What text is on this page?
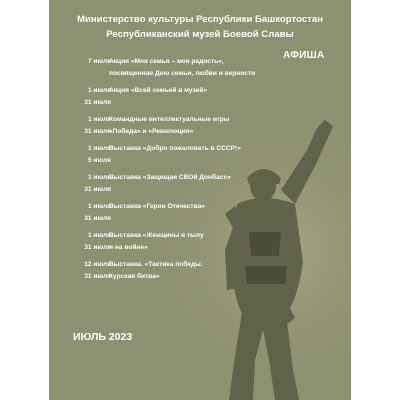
Министерство культуры Республики Башкортостан
Республиканский музей Боевой Славы
АФИША
7 июля
Акция «Моя семья – моя радость»,
посвященная Дню семьи, любви и верности
1 июля
31 июля
Акция «Всей семьей в музей»
1 июля
31 июля
Командные интеллектуальные игры
«Победа» и «Революция»
1 июля
5 июля
Выставка «Добро пожаловать в СССР!»
1 июля
31 июля
Выставка «Защищая СВОй Донбасс»
1 июля
31 июля
Выставка «Герои Отечества»
1 июля
31 июля
Выставка «Женщины в тылу
и на войне»
12 июля
31 июля
Выставка. «Тактика победы.
Курская битва»
ИЮЛЬ 2023
